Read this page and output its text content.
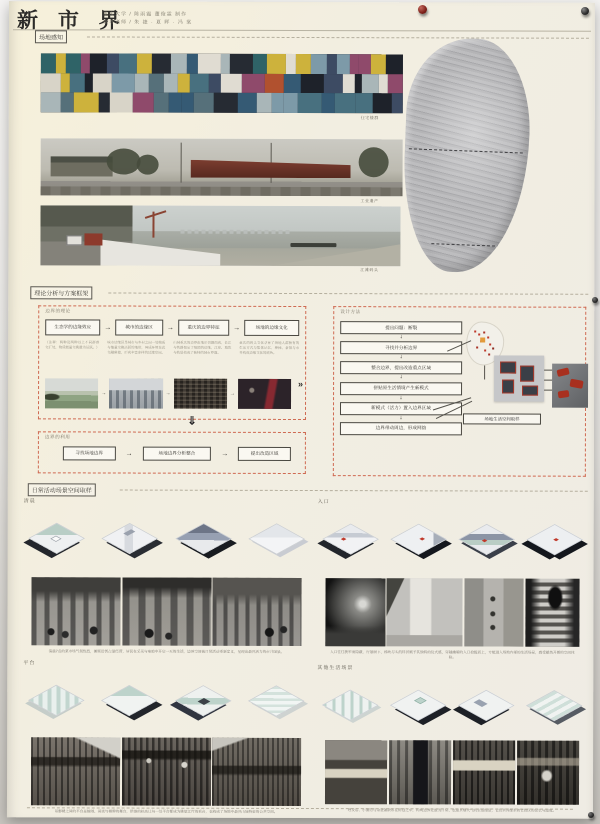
新 市 界
重庆大学 / 陈雨霞 董俊霖 制作
指导老师 / 朱 捷 · 夏 晖 · 冯 棠
场地感知
住宅楼群
工业遗产
江滩码头
理论分析与方案框架
边界的理论
生态学的边缘效应	→	城市的边缘区	→	重庆的边界特征	→	场地的边缘文化
（注释：两种及两种以上不同群落交汇处，物质能量交换最为活跃。）
城市边缘区是城市与乡村之间一处物质与能量交换活跃的地带，异质环境在此交融碰撞，形成丰富多样的过渡空间。
山城重庆的边界由地形切割而成，长江与铁路划定了组团的边缘，江岸、坡坎与轨道构成了独特的城市界面。
重庆的码头文化孕育了场地人群独有的生活方式与集体记忆，棒棒、茶馆与市井构成边缘文化的底色。
→	→	→
»
⇓
边界的利用
寻找场地边界	→	场地边界分析整合	→	提出改造区域
设计方法
提出问题：断裂
↓
寻找并分析边界
↓
整合边界，提出改造重点区域
↓
拼贴原生活情境产生新模式
↓
新模式（活力）置入边界区域
↓
边界带动周边，形成网络
场地生活空间取样
日常活动场景空间取样
清晨
清晨7点的菜市场气氛热烈，摊贩沿街占道经营，居民在采买与寒暄中开启一天的生活，边界空间被日常活动重新定义，呈现出最具活力的市井图景。
入口
入口往往狭窄而隐蔽，行道树下、梯坎尽头的转折赋予其独特的仪式感，穿越幽暗的入口拾级而上，方能进入场地内部的生活场景，感受豁然开朗的空间体验。
平台
吊脚楼之间的平台是晾晒、闲谈与棋牌的舞台，错落的标高让每一处平台都成为眺望江岸的看台，也构成了场地中最具山城特征的公共空间。
其他生活场景
理发店、小面馆与杂货铺散布在街巷之中，构成边界处最为日常、也最具烟火气的生活图景，它们共同维系着老街区的记忆与温度。
